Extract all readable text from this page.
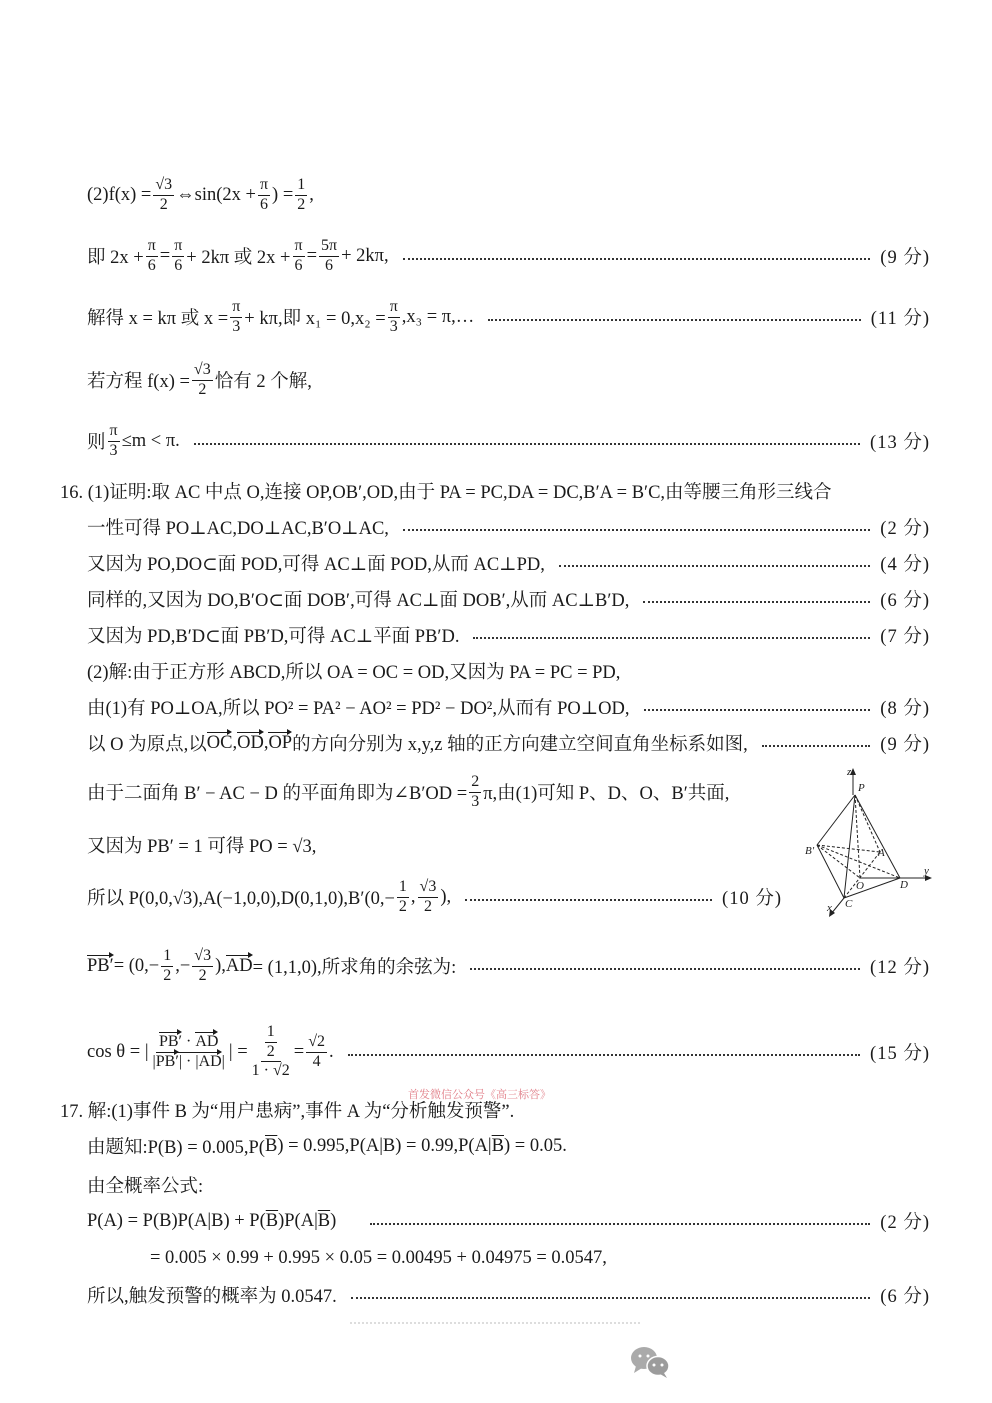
$(2)f(x) = \frac{√3}{2}$ ⇔sin(2x + $\frac{\pi}{6}$ ) = $\frac{1}{2}$ ,
即 $2x + \frac{\pi}{6} = \frac{\pi}{6} + 2k\pi$ 或 $2x + \frac{\pi}{6} = \frac{5\pi}{6} + 2k\pi$,	(9 分)
解得 x = kπ 或 $x = \frac{\pi}{3} + k\pi$,即 $x_1 = 0,x_2 = \frac{\pi}{3} ,x_3$ = π,…	(11 分)
若方程 $f(x) = \frac{√3}{2}$ 恰有 2 个解,
则 $\frac{\pi}{3} \le m < \pi$.	(13 分)
16. (1)证明:取 AC 中点 O,连接 OP,OB′,OD,由于 PA = PC,DA = DC,B′A = B′C,由等腰三角形三线合
一性可得 PO⊥AC,DO⊥AC,B′O⊥AC,	(2 分)
又因为 PO,DO⊂面 POD,可得 AC⊥面 POD,从而 AC⊥PD,	(4 分)
同样的,又因为 DO,B′O⊂面 DOB′,可得 AC⊥面 DOB′,从而 AC⊥B′D,	(6 分)
又因为 PD,B′D⊂面 PB′D,可得 AC⊥平面 PB′D.	(7 分)
(2)解:由于正方形 ABCD,所以 OA = OC = OD,又因为 PA = PC = PD,
由(1)有 PO⊥OA,所以 PO² = PA² − AO² = PD² − DO²,从而有 PO⊥OD,	(8 分)
以 O 为原点,以 OC , OD , OP 的方向分别为 x,y,z 轴的正方向建立空间直角坐标系如图,	(9 分)
由于二面角 B′ − AC − D 的平面角即为∠B′OD = $\frac{2}{3} \pi$,由(1)可知 P、D、O、B′共面,
又因为 PB′ = 1 可得 PO = √3,
所以 $P(0,0,√3),A(-1,0,0),D(0,1,0),B'(0,- \frac{1}{2}$ , $\frac{√3}{2}$ ),	(10 分)
$PB' = (0,- \frac{1}{2}$ ,− $\frac{√3}{2}$ ), AD = (1,1,0),所求角的余弦为:	(12 分)
cos θ = | $\frac{PB' \cdot AD}{|PB'| \cdot |AD|}$ | = $\frac{\frac{1}{2}}{1 \cdot √2} = \frac{√2}{4}$ .	(15 分)
17. 解:(1)事件 B 为“用户患病”,事件 A 为“分析触发预警”.
由题知:P(B) = 0.005,P( $\overline{B}$ ) = 0.995,P(A|B) = 0.99,P(A| $\overline{B}$ ) = 0.05.
由全概率公式:
P(A) = P(B)P(A|B) + P( $\overline{B}$ )P(A| $\overline{B}$ )	(2 分)
= 0.005 × 0.99 + 0.995 × 0.05 = 0.00495 + 0.04975 = 0.0547,
所以,触发预警的概率为 0.0547.	(6 分)
z
P
B′	A
O	D
y
C
x
首发微信公众号《高三标答》
